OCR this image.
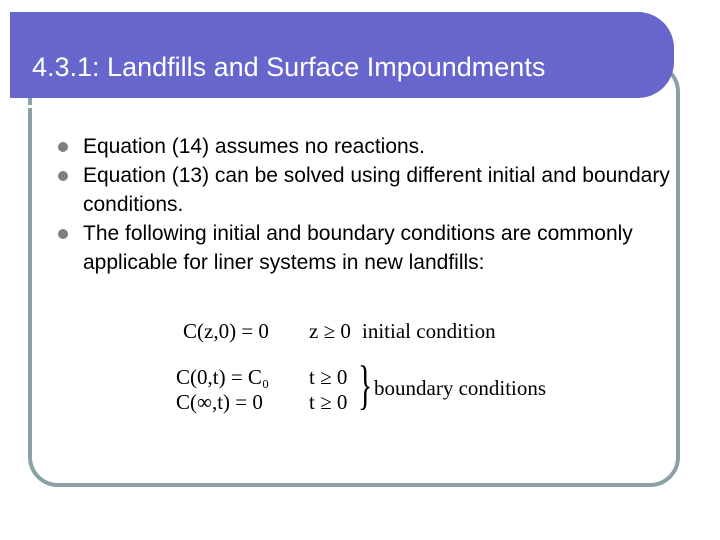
4.3.1: Landfills and Surface Impoundments
Equation (14) assumes no reactions.
Equation (13) can be solved using different initial and boundary conditions.
The following initial and boundary conditions are commonly applicable for liner systems in new landfills:
C(z,0) = 0 z ≥ 0 initial condition
C(0,t) = C₀ t ≥ 0
C(∞,t) = 0 t ≥ 0 } boundary conditions
